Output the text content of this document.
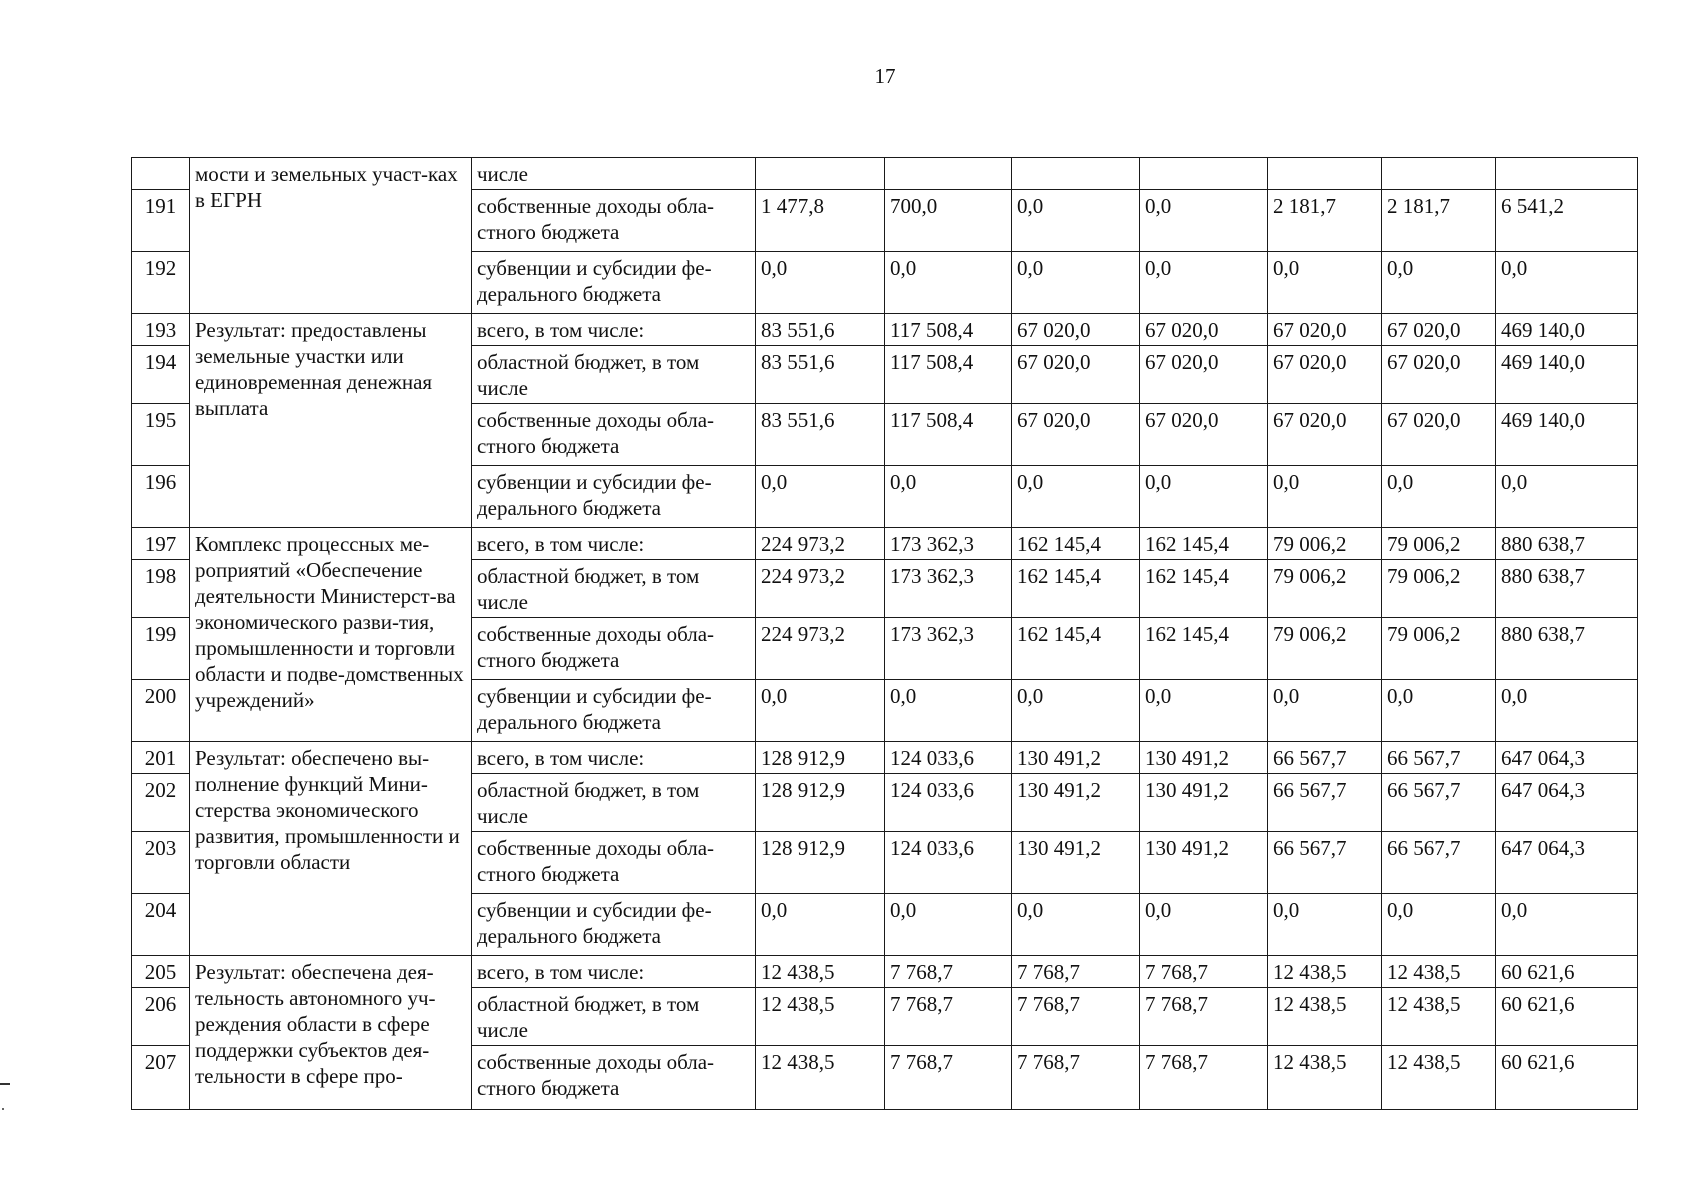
17
	мости и земельных участ-ках в ЕГРН	числе							
191		собственные доходы обла-стного бюджета	1 477,8	700,0	0,0	0,0	2 181,7	2 181,7	6 541,2
192		субвенции и субсидии фе-дерального бюджета	0,0	0,0	0,0	0,0	0,0	0,0	0,0
193	Результат: предоставлены земельные участки или единовременная денежная выплата	всего, в том числе:	83 551,6	117 508,4	67 020,0	67 020,0	67 020,0	67 020,0	469 140,0
194		областной бюджет, в том числе	83 551,6	117 508,4	67 020,0	67 020,0	67 020,0	67 020,0	469 140,0
195		собственные доходы обла-стного бюджета	83 551,6	117 508,4	67 020,0	67 020,0	67 020,0	67 020,0	469 140,0
196		субвенции и субсидии фе-дерального бюджета	0,0	0,0	0,0	0,0	0,0	0,0	0,0
197	Комплекс процессных ме-роприятий «Обеспечение деятельности Министерст-ва экономического разви-тия, промышленности и торговли области и подве-домственных учреждений»	всего, в том числе:	224 973,2	173 362,3	162 145,4	162 145,4	79 006,2	79 006,2	880 638,7
198		областной бюджет, в том числе	224 973,2	173 362,3	162 145,4	162 145,4	79 006,2	79 006,2	880 638,7
199		собственные доходы обла-стного бюджета	224 973,2	173 362,3	162 145,4	162 145,4	79 006,2	79 006,2	880 638,7
200		субвенции и субсидии фе-дерального бюджета	0,0	0,0	0,0	0,0	0,0	0,0	0,0
201	Результат: обеспечено вы-полнение функций Мини-стерства экономического развития, промышленности и торговли области	всего, в том числе:	128 912,9	124 033,6	130 491,2	130 491,2	66 567,7	66 567,7	647 064,3
202		областной бюджет, в том числе	128 912,9	124 033,6	130 491,2	130 491,2	66 567,7	66 567,7	647 064,3
203		собственные доходы обла-стного бюджета	128 912,9	124 033,6	130 491,2	130 491,2	66 567,7	66 567,7	647 064,3
204		субвенции и субсидии фе-дерального бюджета	0,0	0,0	0,0	0,0	0,0	0,0	0,0
205	Результат: обеспечена дея-тельность автономного уч-реждения области в сфере поддержки субъектов дея-тельности в сфере про-	всего, в том числе:	12 438,5	7 768,7	7 768,7	7 768,7	12 438,5	12 438,5	60 621,6
206		областной бюджет, в том числе	12 438,5	7 768,7	7 768,7	7 768,7	12 438,5	12 438,5	60 621,6
207		собственные доходы обла-стного бюджета	12 438,5	7 768,7	7 768,7	7 768,7	12 438,5	12 438,5	60 621,6
